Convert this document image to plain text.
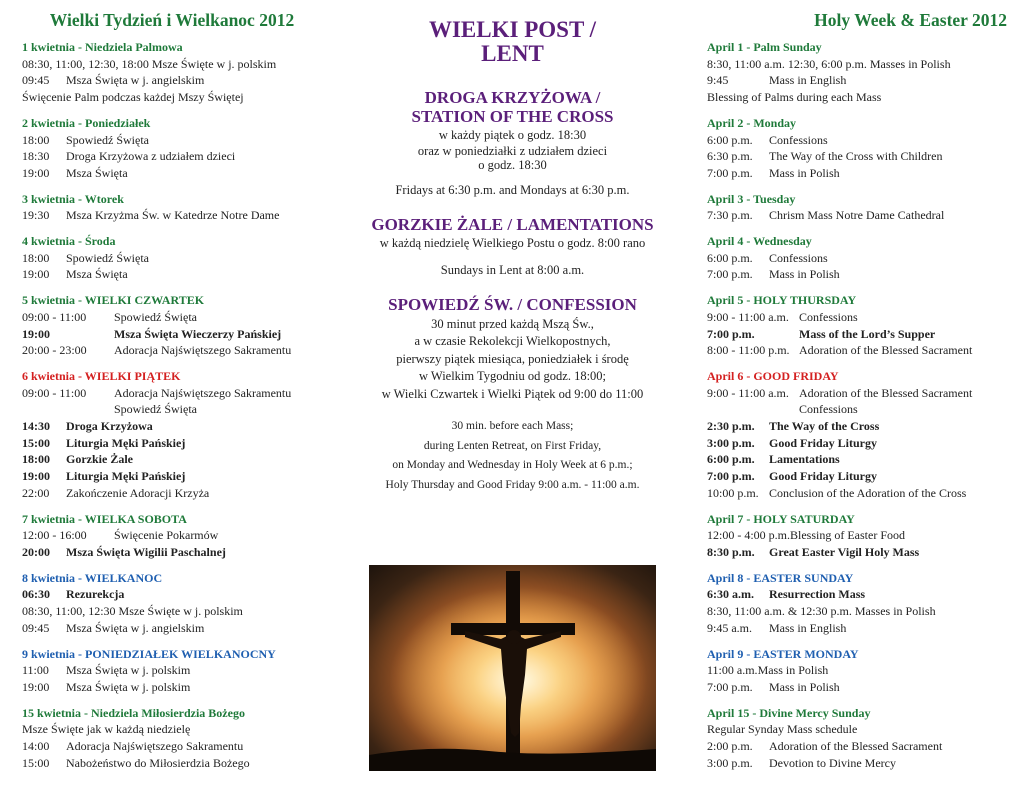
Wielki Tydzień i Wielkanoc 2012
1 kwietnia - Niedziela Palmowa
08:30, 11:00, 12:30, 18:00 Msze Święte w j. polskim
09:45	Msza Święta w j. angielskim
Święcenie Palm podczas każdej Mszy Świętej
2 kwietnia - Poniedziałek
18:00	Spowiedź Święta
18:30	Droga Krzyżowa z udziałem dzieci
19:00	Msza Święta
3 kwietnia - Wtorek
19:30	Msza Krzyżma Św. w Katedrze Notre Dame
4 kwietnia - Środa
18:00	Spowiedź Święta
19:00	Msza Święta
5 kwietnia - WIELKI CZWARTEK
09:00 - 11:00	Spowiedź Święta
19:00	Msza Święta Wieczerzy Pańskiej
20:00 - 23:00	Adoracja Najświętszego Sakramentu
6 kwietnia - WIELKI PIĄTEK
09:00 - 11:00	Adoracja Najświętszego Sakramentu
Spowiedź Święta
14:30	Droga Krzyżowa
15:00	Liturgia Męki Pańskiej
18:00	Gorzkie Żale
19:00	Liturgia Męki Pańskiej
22:00	Zakończenie Adoracji Krzyża
7 kwietnia - WIELKA SOBOTA
12:00 - 16:00	Święcenie Pokarmów
20:00	Msza Święta Wigilii Paschalnej
8 kwietnia - WIELKANOC
06:30	Rezurekcja
08:30, 11:00, 12:30 Msze Święte w j. polskim
09:45	Msza Święta w j. angielskim
9 kwietnia - PONIEDZIAŁEK WIELKANOCNY
11:00	Msza Święta w j. polskim
19:00	Msza Święta w j. polskim
15 kwietnia - Niedziela Miłosierdzia Bożego
Msze Święte jak w każdą niedzielę
14:00	Adoracja Najświętszego Sakramentu
15:00	Nabożeństwo do Miłosierdzia Bożego
WIELKI POST /
LENT
DROGA KRZYŻOWA /
STATION OF THE CROSS
w każdy piątek o godz. 18:30
oraz w poniedziałki z udziałem dzieci
o godz. 18:30
Fridays at 6:30 p.m. and Mondays at 6:30 p.m.
GORZKIE ŻALE / LAMENTATIONS
w każdą niedzielę Wielkiego Postu o godz. 8:00 rano
Sundays in Lent at 8:00 a.m.
SPOWIEDŹ ŚW. / CONFESSION
30 minut przed każdą Mszą Św.,
a w czasie Rekolekcji Wielkopostnych,
pierwszy piątek miesiąca, poniedziałek i środę
w Wielkim Tygodniu od godz. 18:00;
w Wielki Czwartek i Wielki Piątek od 9:00 do 11:00
30 min. before each Mass;
during Lenten Retreat, on First Friday,
on Monday and Wednesday in Holy Week at 6 p.m.;
Holy Thursday and Good Friday 9:00 a.m. - 11:00 a.m.
Holy Week & Easter 2012
April 1 - Palm Sunday
8:30, 11:00 a.m. 12:30, 6:00 p.m. Masses in Polish
9:45	Mass in English
Blessing of Palms during each Mass
April 2 - Monday
6:00 p.m.	Confessions
6:30 p.m.	The Way of the Cross with Children
7:00 p.m.	Mass in Polish
April 3 - Tuesday
7:30 p.m.	Chrism Mass Notre Dame Cathedral
April 4 - Wednesday
6:00 p.m.	Confessions
7:00 p.m.	Mass in Polish
April 5 - HOLY THURSDAY
9:00 - 11:00 a.m. Confessions
7:00 p.m.	Mass of the Lord’s Supper
8:00 - 11:00 p.m. Adoration of the Blessed Sacrament
April 6 - GOOD FRIDAY
9:00 - 11:00 a.m. Adoration of the Blessed Sacrament
Confessions
2:30 p.m.	The Way of the Cross
3:00 p.m.	Good Friday Liturgy
6:00 p.m.	Lamentations
7:00 p.m.	Good Friday Liturgy
10:00 p.m. Conclusion of the Adoration of the Cross
April 7 - HOLY SATURDAY
12:00 - 4:00 p.m. Blessing of Easter Food
8:30 p.m.	Great Easter Vigil Holy Mass
April 8 - EASTER SUNDAY
6:30 a.m.	Resurrection Mass
8:30, 11:00 a.m. & 12:30 p.m. Masses in Polish
9:45 a.m.	Mass in English
April 9 - EASTER MONDAY
11:00 a.m. Mass in Polish
7:00 p.m.	Mass in Polish
April 15 - Divine Mercy Sunday
Regular Synday Mass schedule
2:00 p.m.	Adoration of the Blessed Sacrament
3:00 p.m.	Devotion to Divine Mercy
